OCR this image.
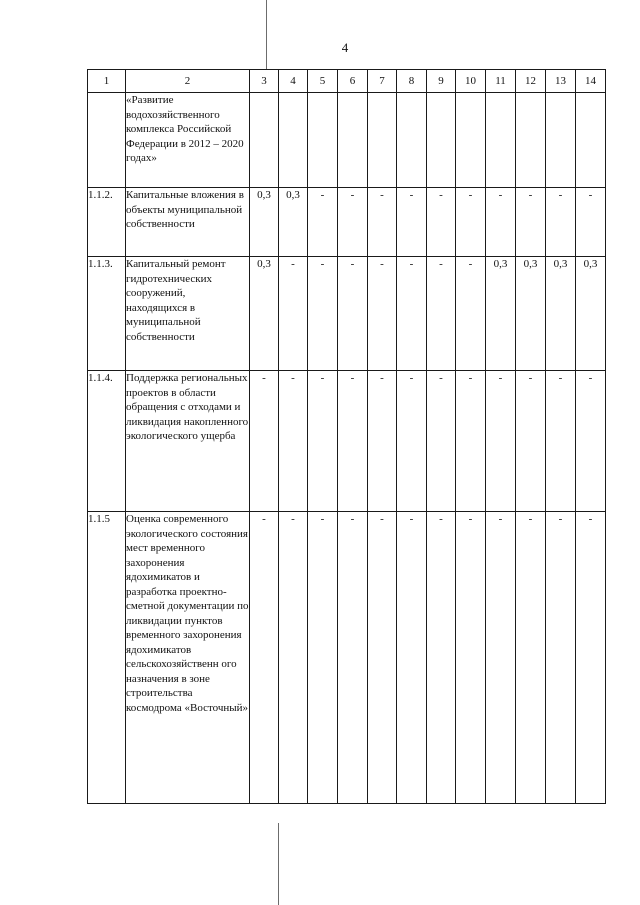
4
1	2	3	4	5	6	7	8	9	10	11	12	13	14
	«Развитие водохозяйственного комплекса Российской Федерации в 2012 – 2020 годах»												
1.1.2.	Капитальные вложения в объекты муниципальной собственности	0,3	0,3	-	-	-	-	-	-	-	-	-	-
1.1.3.	Капитальный ремонт гидротехнических сооружений, находящихся в муниципальной собственности	0,3	-	-	-	-	-	-	-	0,3	0,3	0,3	0,3
1.1.4.	Поддержка региональных проектов в области обращения с отходами и ликвидация накопленного экологического ущерба	-	-	-	-	-	-	-	-	-	-	-	-
1.1.5	Оценка современного экологического состояния мест временного захоронения ядохимикатов и разработка проектно-сметной документации по ликвидации пунктов временного захоронения ядохимикатов сельскохозяйственн ого назначения в зоне строительства космодрома «Восточный»	-	-	-	-	-	-	-	-	-	-	-	-
